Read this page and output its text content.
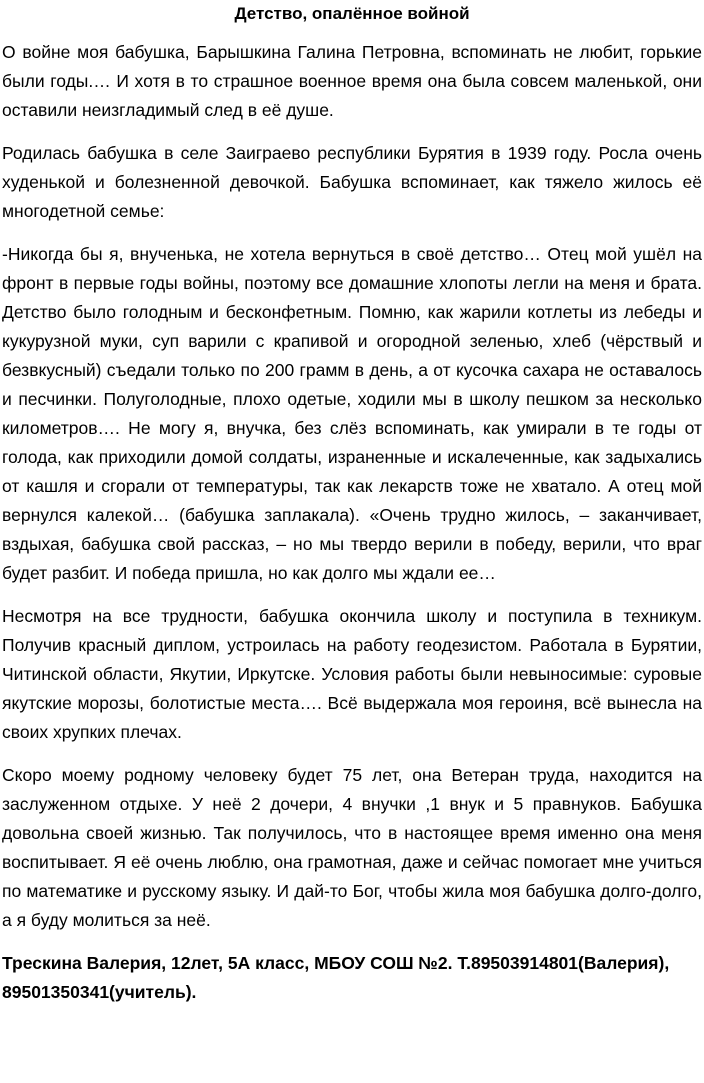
Детство, опалённое войной

О войне моя бабушка, Барышкина Галина Петровна, вспоминать не любит, горькие были годы.… И хотя в то страшное военное время она была совсем маленькой, они оставили неизгладимый след в её душе.

Родилась бабушка в селе Заиграево республики Бурятия в 1939 году. Росла очень худенькой и болезненной девочкой. Бабушка вспоминает, как тяжело жилось её многодетной семье:

-Никогда бы я, внученька, не хотела вернуться в своё детство… Отец мой ушёл на фронт в первые годы войны, поэтому все домашние хлопоты легли на меня и брата. Детство было голодным и бесконфетным. Помню, как жарили котлеты из лебеды и кукурузной муки, суп варили с крапивой и огородной зеленью, хлеб (чёрствый и безвкусный) съедали только по 200 грамм в день, а от кусочка сахара не оставалось и песчинки. Полуголодные, плохо одетые, ходили мы в школу пешком за несколько километров…. Не могу я, внучка, без слёз вспоминать, как умирали в те годы от голода, как приходили домой солдаты, израненные и искалеченные, как задыхались от кашля и сгорали от температуры, так как лекарств тоже не хватало. А отец мой вернулся калекой… (бабушка заплакала). «Очень трудно жилось, – заканчивает, вздыхая, бабушка свой рассказ, – но мы твердо верили в победу, верили, что враг будет разбит. И победа пришла, но как долго мы ждали ее…

Несмотря на все трудности, бабушка окончила школу и поступила в техникум. Получив красный диплом, устроилась на работу геодезистом. Работала в Бурятии, Читинской области, Якутии, Иркутске. Условия работы были невыносимые: суровые якутские морозы, болотистые места…. Всё выдержала моя героиня, всё вынесла на своих хрупких плечах.

Скоро моему родному человеку будет 75 лет, она Ветеран труда, находится на заслуженном отдыхе. У неё 2 дочери, 4 внучки ,1 внук и 5 правнуков. Бабушка довольна своей жизнью. Так получилось, что в настоящее время именно она меня воспитывает. Я её очень люблю, она грамотная, даже и сейчас помогает мне учиться по математике и русскому языку. И дай-то Бог, чтобы жила моя бабушка долго-долго, а я буду молиться за неё.

Трескина Валерия, 12лет, 5А класс, МБОУ СОШ №2. Т.89503914801(Валерия), 89501350341(учитель).
